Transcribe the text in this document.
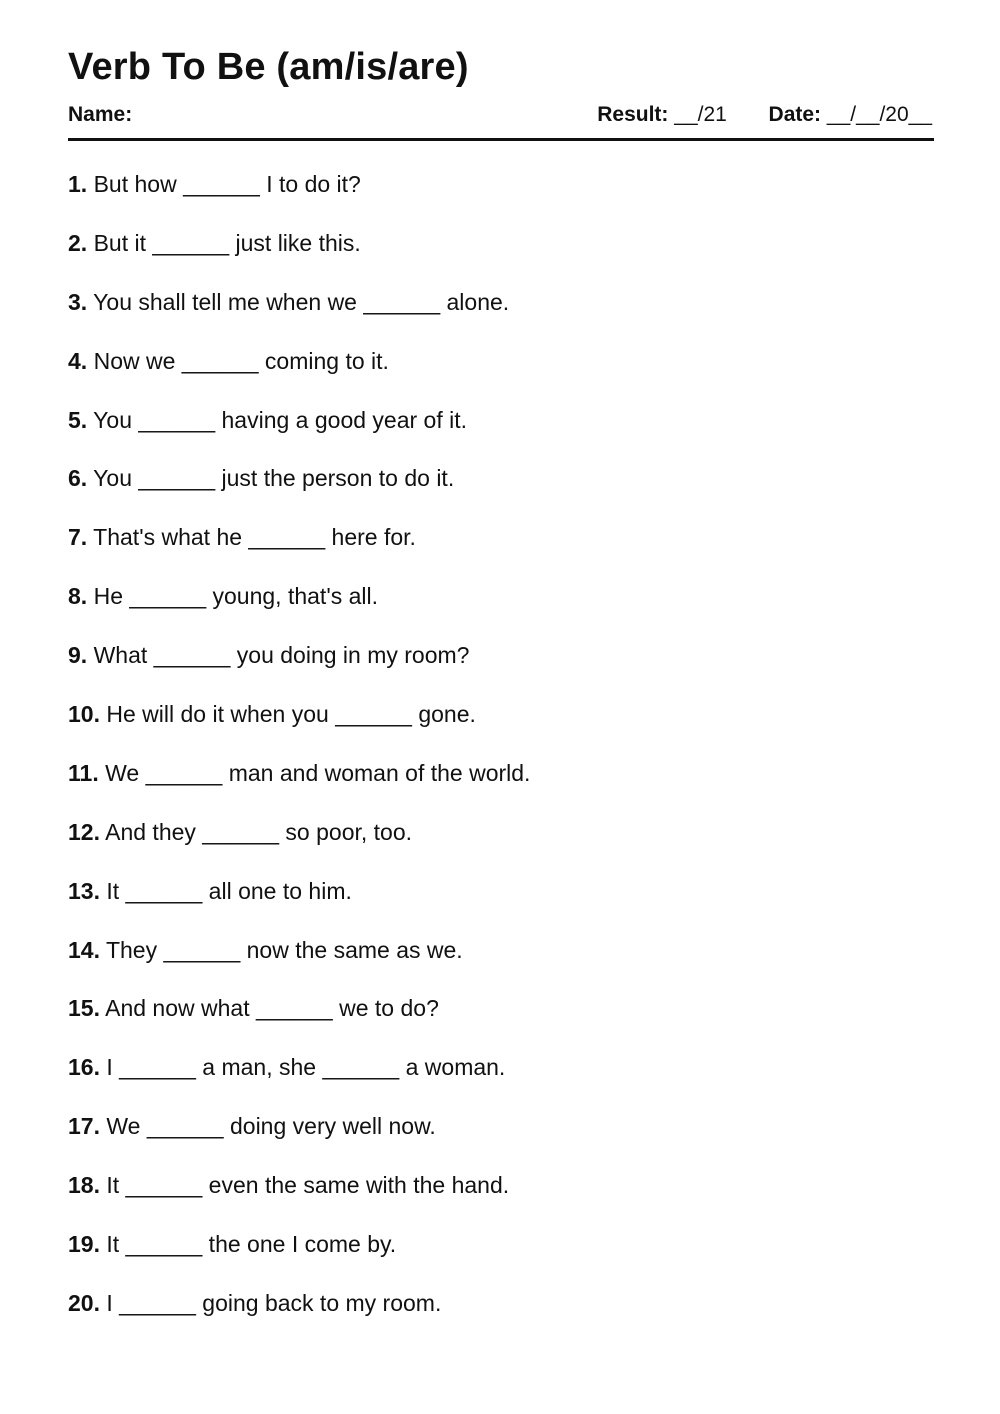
Verb To Be (am/is/are)
Name:	Result: __/21 Date: __/__/20__
1. But how ______ I to do it?
2. But it ______ just like this.
3. You shall tell me when we ______ alone.
4. Now we ______ coming to it.
5. You ______ having a good year of it.
6. You ______ just the person to do it.
7. That's what he ______ here for.
8. He ______ young, that's all.
9. What ______ you doing in my room?
10. He will do it when you ______ gone.
11. We ______ man and woman of the world.
12. And they ______ so poor, too.
13. It ______ all one to him.
14. They ______ now the same as we.
15. And now what ______ we to do?
16. I ______ a man, she ______ a woman.
17. We ______ doing very well now.
18. It ______ even the same with the hand.
19. It ______ the one I come by.
20. I ______ going back to my room.
